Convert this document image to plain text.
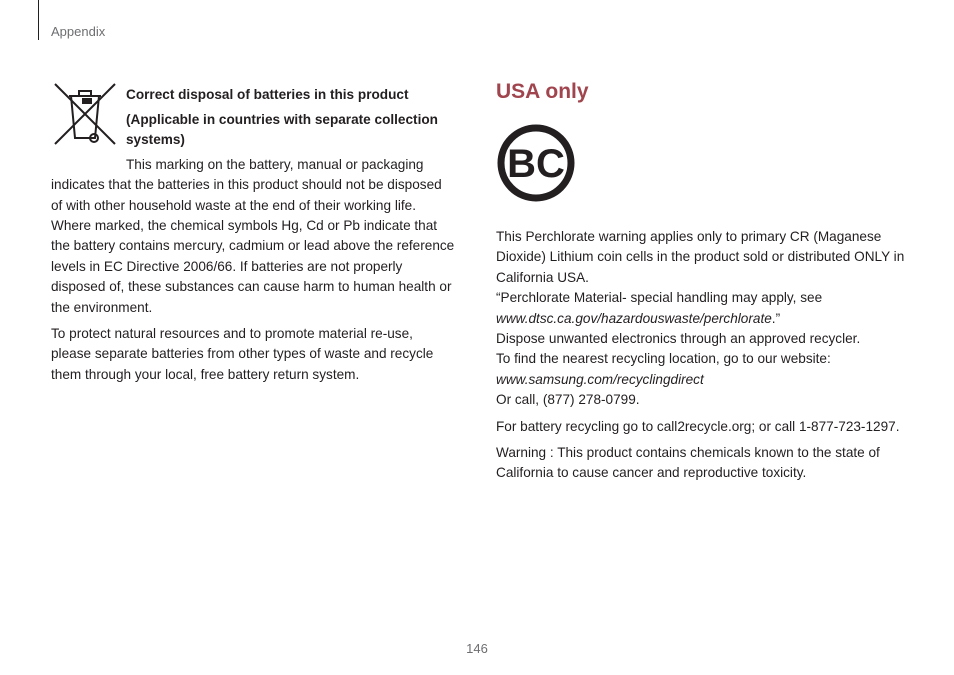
Appendix
Correct disposal of batteries in this product
(Applicable in countries with separate collection systems)

This marking on the battery, manual or packaging indicates that the batteries in this product should not be disposed of with other household waste at the end of their working life. Where marked, the chemical symbols Hg, Cd or Pb indicate that the battery contains mercury, cadmium or lead above the reference levels in EC Directive 2006/66. If batteries are not properly disposed of, these substances can cause harm to human health or the environment.

To protect natural resources and to promote material re-use, please separate batteries from other types of waste and recycle them through your local, free battery return system.

USA only
BC
This Perchlorate warning applies only to primary CR (Maganese Dioxide) Lithium coin cells in the product sold or distributed ONLY in California USA.
“Perchlorate Material- special handling may apply, see
www.dtsc.ca.gov/hazardouswaste/perchlorate.”
Dispose unwanted electronics through an approved recycler.
To find the nearest recycling location, go to our website:
www.samsung.com/recyclingdirect
Or call, (877) 278-0799.

For battery recycling go to call2recycle.org; or call 1-877-723-1297.

Warning : This product contains chemicals known to the state of California to cause cancer and reproductive toxicity.

146
